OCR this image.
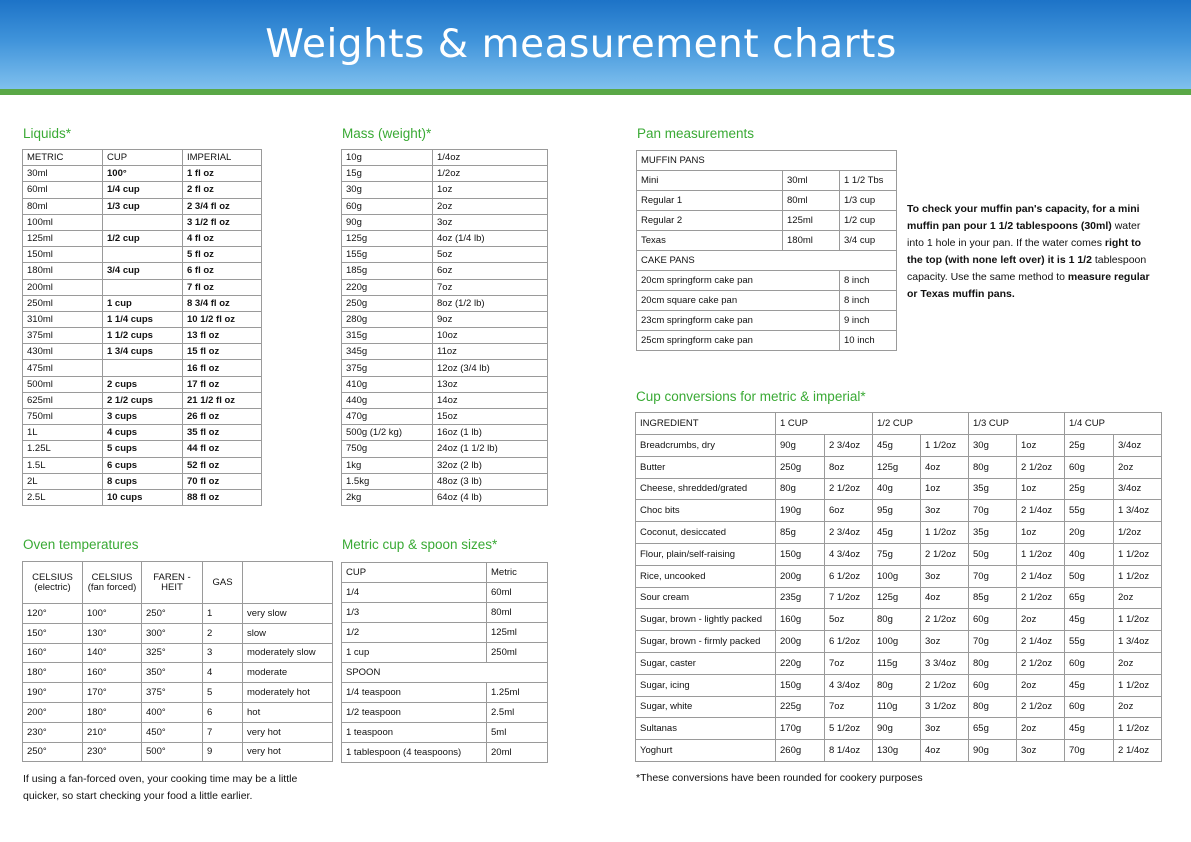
Weights & measurement charts
Liquids*
METRIC	CUP	IMPERIAL
30ml	100°	1 fl oz
60ml	1/4 cup	2 fl oz
80ml	1/3 cup	2 3/4 fl oz
100ml		3 1/2 fl oz
125ml	1/2 cup	4 fl oz
150ml		5 fl oz
180ml	3/4 cup	6 fl oz
200ml		7 fl oz
250ml	1 cup	8 3/4 fl oz
310ml	1 1/4 cups	10 1/2 fl oz
375ml	1 1/2 cups	13 fl oz
430ml	1 3/4 cups	15 fl oz
475ml		16 fl oz
500ml	2 cups	17 fl oz
625ml	2 1/2 cups	21 1/2 fl oz
750ml	3 cups	26 fl oz
1L	4 cups	35 fl oz
1.25L	5 cups	44 fl oz
1.5L	6 cups	52 fl oz
2L	8 cups	70 fl oz
2.5L	10 cups	88 fl oz
Mass (weight)*
10g	1/4oz
15g	1/2oz
30g	1oz
60g	2oz
90g	3oz
125g	4oz (1/4 lb)
155g	5oz
185g	6oz
220g	7oz
250g	8oz (1/2 lb)
280g	9oz
315g	10oz
345g	11oz
375g	12oz (3/4 lb)
410g	13oz
440g	14oz
470g	15oz
500g (1/2 kg)	16oz (1 lb)
750g	24oz (1 1/2 lb)
1kg	32oz (2 lb)
1.5kg	48oz (3 lb)
2kg	64oz (4 lb)
Oven temperatures
CELSIUS (electric)	CELSIUS (fan forced)	FAREN - HEIT	GAS	
120°	100°	250°	1	very slow
150°	130°	300°	2	slow
160°	140°	325°	3	moderately slow
180°	160°	350°	4	moderate
190°	170°	375°	5	moderately hot
200°	180°	400°	6	hot
230°	210°	450°	7	very hot
250°	230°	500°	9	very hot
If using a fan-forced oven, your cooking time may be a little quicker, so start checking your food a little earlier.
Metric cup & spoon sizes*
CUP	Metric
1/4	60ml
1/3	80ml
1/2	125ml
1 cup	250ml
SPOON	
1/4 teaspoon	1.25ml
1/2 teaspoon	2.5ml
1 teaspoon	5ml
1 tablespoon (4 teaspoons)	20ml
Pan measurements
MUFFIN PANS		
Mini	30ml	1 1/2 Tbs
Regular 1	80ml	1/3 cup
Regular 2	125ml	1/2 cup
Texas	180ml	3/4 cup
CAKE PANS		
20cm springform cake pan		8 inch
20cm square cake pan		8 inch
23cm springform cake pan		9 inch
25cm springform cake pan		10 inch
To check your muffin pan's capacity, for a mini muffin pan pour 1 1/2 tablespoons (30ml) water into 1 hole in your pan. If the water comes right to the top (with none left over) it is 1 1/2 tablespoon capacity. Use the same method to measure regular or Texas muffin pans.
Cup conversions for metric & imperial*
INGREDIENT	1 CUP		1/2 CUP		1/3 CUP		1/4 CUP	
Breadcrumbs, dry	90g	2 3/4oz	45g	1 1/2oz	30g	1oz	25g	3/4oz
Butter	250g	8oz	125g	4oz	80g	2 1/2oz	60g	2oz
Cheese, shredded/grated	80g	2 1/2oz	40g	1oz	35g	1oz	25g	3/4oz
Choc bits	190g	6oz	95g	3oz	70g	2 1/4oz	55g	1 3/4oz
Coconut, desiccated	85g	2 3/4oz	45g	1 1/2oz	35g	1oz	20g	1/2oz
Flour, plain/self-raising	150g	4 3/4oz	75g	2 1/2oz	50g	1 1/2oz	40g	1 1/2oz
Rice, uncooked	200g	6 1/2oz	100g	3oz	70g	2 1/4oz	50g	1 1/2oz
Sour cream	235g	7 1/2oz	125g	4oz	85g	2 1/2oz	65g	2oz
Sugar, brown - lightly packed	160g	5oz	80g	2 1/2oz	60g	2oz	45g	1 1/2oz
Sugar, brown - firmly packed	200g	6 1/2oz	100g	3oz	70g	2 1/4oz	55g	1 3/4oz
Sugar, caster	220g	7oz	115g	3 3/4oz	80g	2 1/2oz	60g	2oz
Sugar, icing	150g	4 3/4oz	80g	2 1/2oz	60g	2oz	45g	1 1/2oz
Sugar, white	225g	7oz	110g	3 1/2oz	80g	2 1/2oz	60g	2oz
Sultanas	170g	5 1/2oz	90g	3oz	65g	2oz	45g	1 1/2oz
Yoghurt	260g	8 1/4oz	130g	4oz	90g	3oz	70g	2 1/4oz
*These conversions have been rounded for cookery purposes
